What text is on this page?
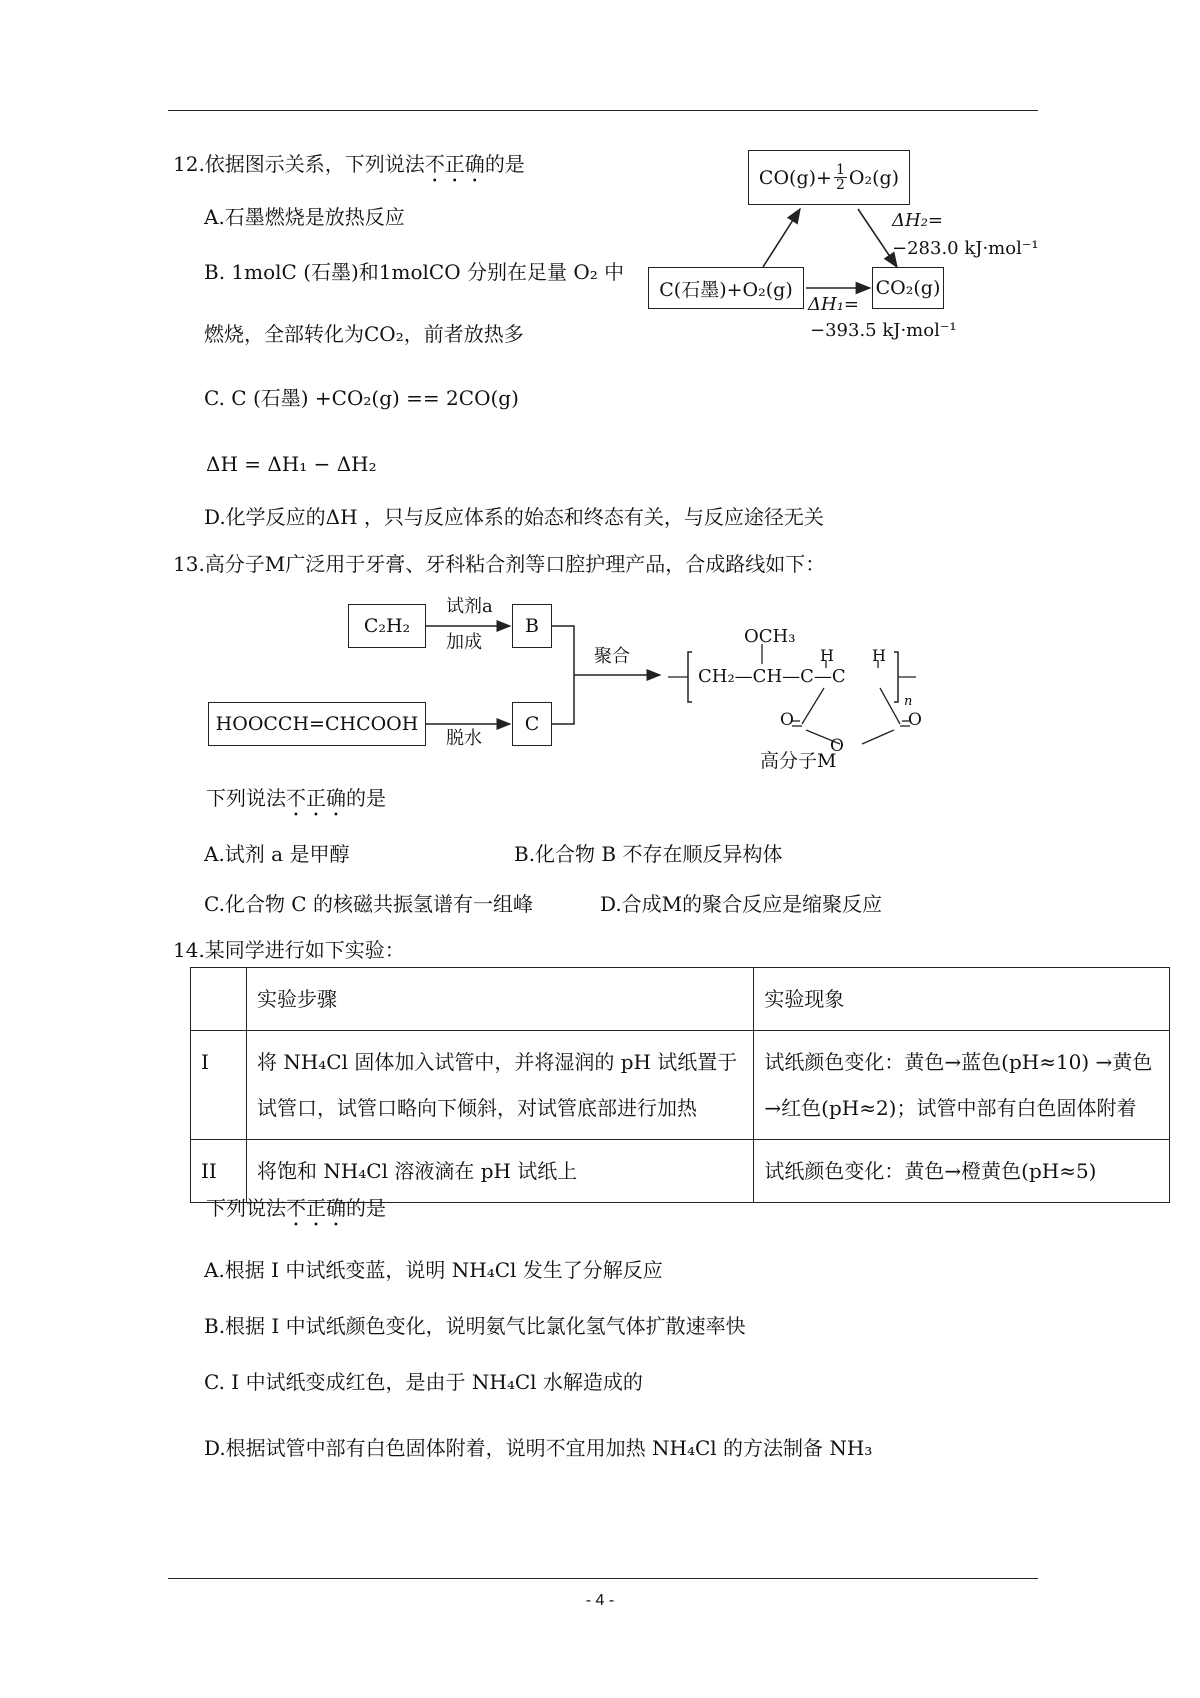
12.依据图示关系，下列说法不正确的是
A.石墨燃烧是放热反应
B. 1molC (石墨)和1molCO 分别在足量 O₂ 中
燃烧，全部转化为CO₂，前者放热多
C. C (石墨) +CO₂(g) == 2CO(g)
ΔH = ΔH₁ − ΔH₂
D.化学反应的ΔH ，只与反应体系的始态和终态有关，与反应途径无关
$CO(g)+ \frac{1}{2} O_2(g)$
C(石墨)+O₂(g)	CO₂(g)
ΔH₂=
−283.0 kJ·mol⁻¹
ΔH₁=
−393.5 kJ·mol⁻¹
13.高分子M广泛用于牙膏、牙科粘合剂等口腔护理产品，合成路线如下：
C₂H₂
试剂a
加成
B
HOOCCH=CHCOOH
脱水
C
聚合
OCH₃
CH₂—CH—C—C
H H
O
O
O
n
高分子M
下列说法不正确的是
A.试剂 a 是甲醇	B.化合物 B 不存在顺反异构体
C.化合物 C 的核磁共振氢谱有一组峰	D.合成M的聚合反应是缩聚反应
14.某同学进行如下实验：
	实验步骤	实验现象
I	将 NH₄Cl 固体加入试管中，并将湿润的 pH 试纸置于试管口，试管口略向下倾斜，对试管底部进行加热	试纸颜色变化：黄色→蓝色(pH≈10) →黄色→红色(pH≈2)；试管中部有白色固体附着
II	将饱和 NH₄Cl 溶液滴在 pH 试纸上	试纸颜色变化：黄色→橙黄色(pH≈5)
下列说法不正确的是
A.根据 I 中试纸变蓝，说明 NH₄Cl 发生了分解反应
B.根据 I 中试纸颜色变化，说明氨气比氯化氢气体扩散速率快
C. I 中试纸变成红色，是由于 NH₄Cl 水解造成的
D.根据试管中部有白色固体附着，说明不宜用加热 NH₄Cl 的方法制备 NH₃
- 4 -
